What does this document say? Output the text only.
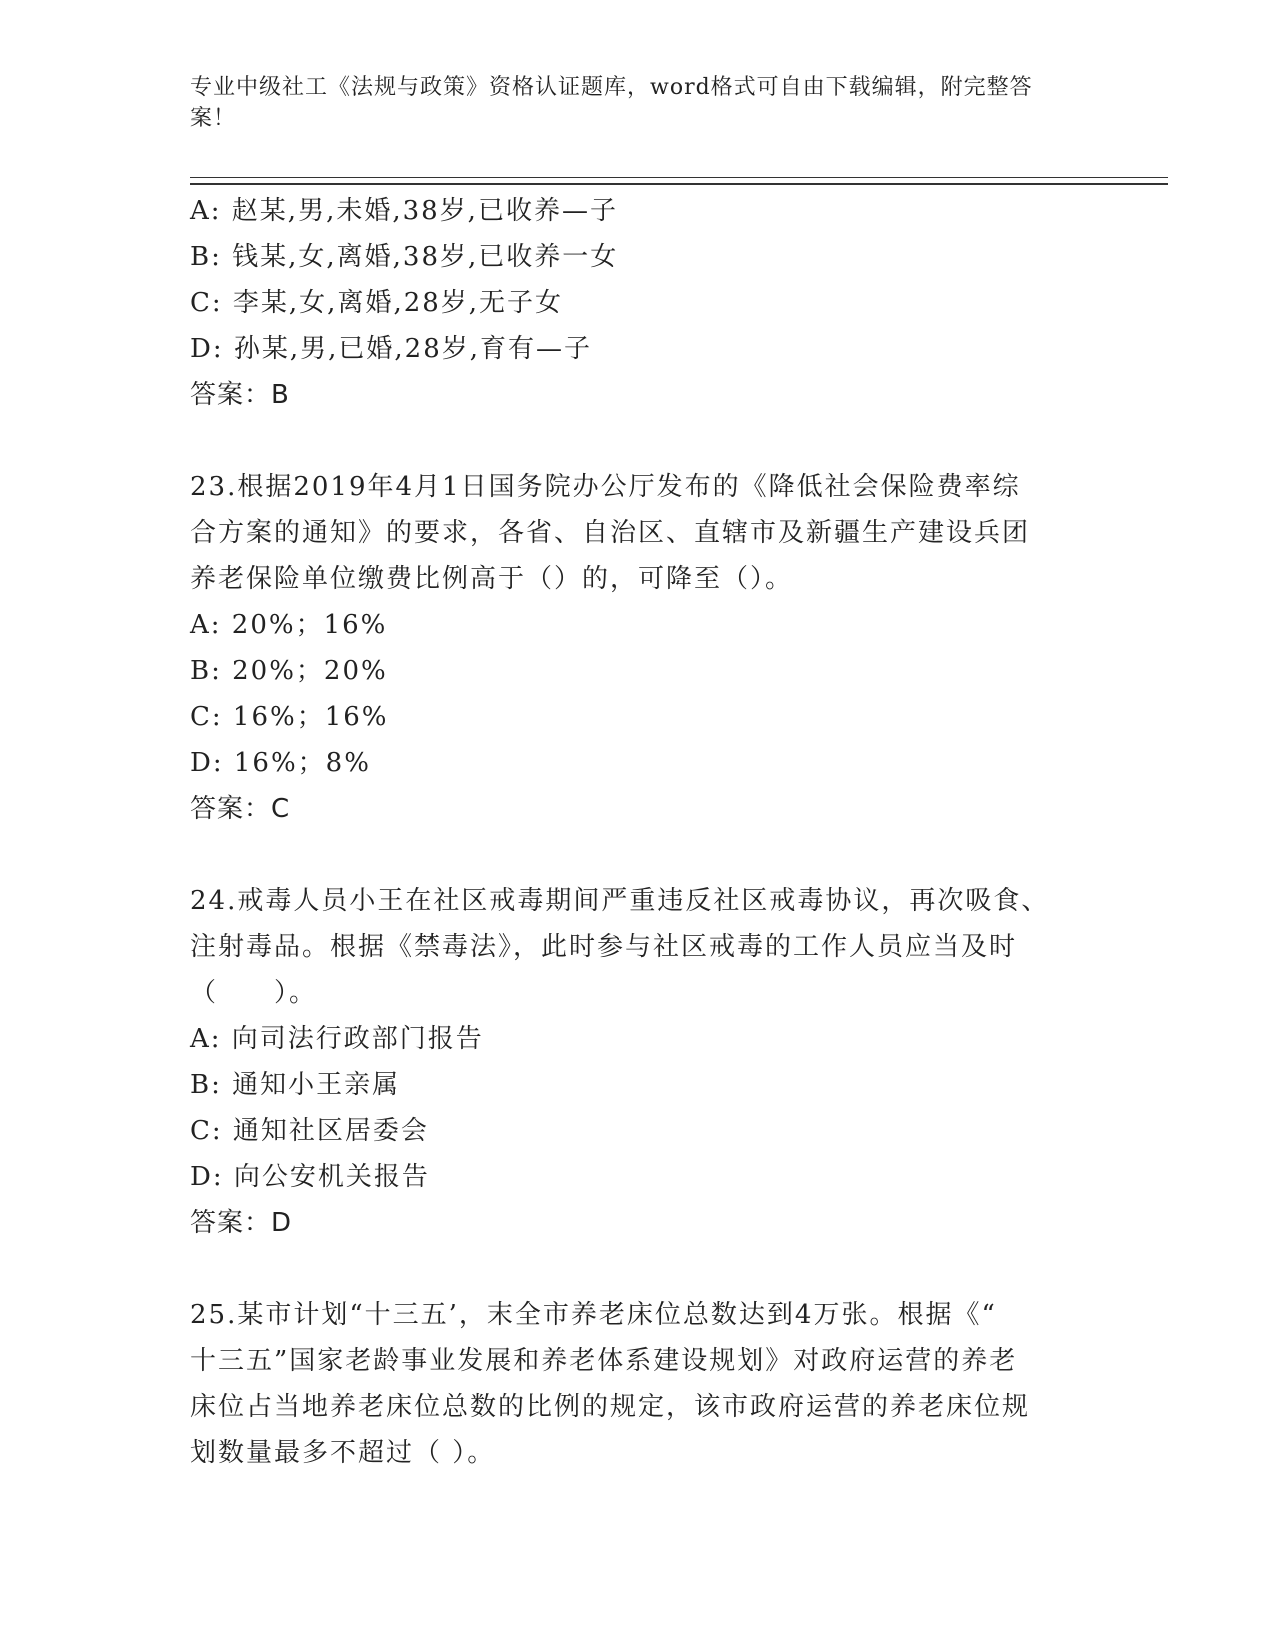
专业中级社工《法规与政策》资格认证题库，word格式可自由下载编辑，附完整答案！
A: 赵某,男,未婚,38岁,已收养—子
B: 钱某,女,离婚,38岁,已收养一女
C: 李某,女,离婚,28岁,无子女
D: 孙某,男,已婚,28岁,育有—子
答案：B
23.根据2019年4月1日国务院办公厅发布的《降低社会保险费率综
合方案的通知》的要求，各省、自治区、直辖市及新疆生产建设兵团
养老保险单位缴费比例高于（）的，可降至（）。
A: 20%；16%
B: 20%；20%
C: 16%；16%
D: 16%；8%
答案：C
24.戒毒人员小王在社区戒毒期间严重违反社区戒毒协议，再次吸食、
注射毒品。根据《禁毒法》，此时参与社区戒毒的工作人员应当及时
（　　）。
A: 向司法行政部门报告
B: 通知小王亲属
C: 通知社区居委会
D: 向公安机关报告
答案：D
25.某市计划“十三五’，末全市养老床位总数达到4万张。根据《“
十三五”国家老龄事业发展和养老体系建设规划》对政府运营的养老
床位占当地养老床位总数的比例的规定，该市政府运营的养老床位规
划数量最多不超过（ ）。
